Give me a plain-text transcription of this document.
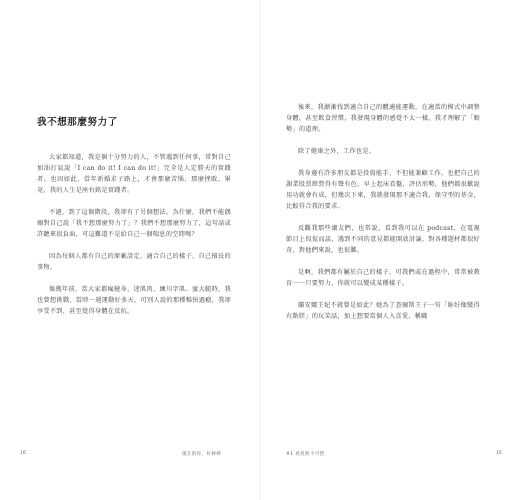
我不想那麼努力了

大家都知道，我是個十分努力的人，不管遇到任何事，常對自己加油打氣說「I can do it! I can do it!」完全是人定勝天的實踐者。也因如此，當年新婚求子路上，才會那麼苦惱、那麼挫敗。畢竟，我的人生是座右銘是實踐者。

不過，到了這個階段，我卻有了另個想法。為什麼，我們不能偶爾對自己說「我不想那麼努力了」？我們不想那麼努力了，這句話或許聽來很負面，可這難道不是給自己一個喘息的空間嗎？

因為每個人都有自己的原廠設定，適合自己的樣子，自己擅長的事物。

像幾年前，當大家都瘋健身、迷肌肉、練川字肌、蜜大腿時，我也曾想挑戰，當時一週運動好多天，可別人說的那種暢快過癮，我卻享受不到，甚至覺得身體在反抗。

16	現在的你，好棒棒

後來，我漸漸找到適合自己的體適能運動，在適當的模式中調整身體，甚至飲食習慣，我發現身體的感覺不太一樣，我才理解了「順勢」的道理。

除了健康之外，工作也是。

我身邊有許多朋友都是投資能手，不但能兼顧工作，也把自己的謝業股票經營得有聲有色，早上起床看盤，評估形勢，他們都很歡說用功就會有成，但幾次下來，我就發現那不適合我，保守型的基金，比較符合我的要求。

反觀我那些潮友們，也常說，看到我可以在 podcast、在電視節目上侃侃而談，遇到不同的意見都能開放討論，對各種題材都很好奇，對他們來說，也很難。

是啊，我們都有屬於自己的樣子，可我們或在過程中，常常被教育一一只要努力，你就可以變成某種樣子。

蘭安娜王妃不就曾是如此？她為了查爾斯王子一句「妳好像變得有點胖」的玩笑話，加上想要當個人入喜愛、稱職

#1 真愛與不可惜	15
